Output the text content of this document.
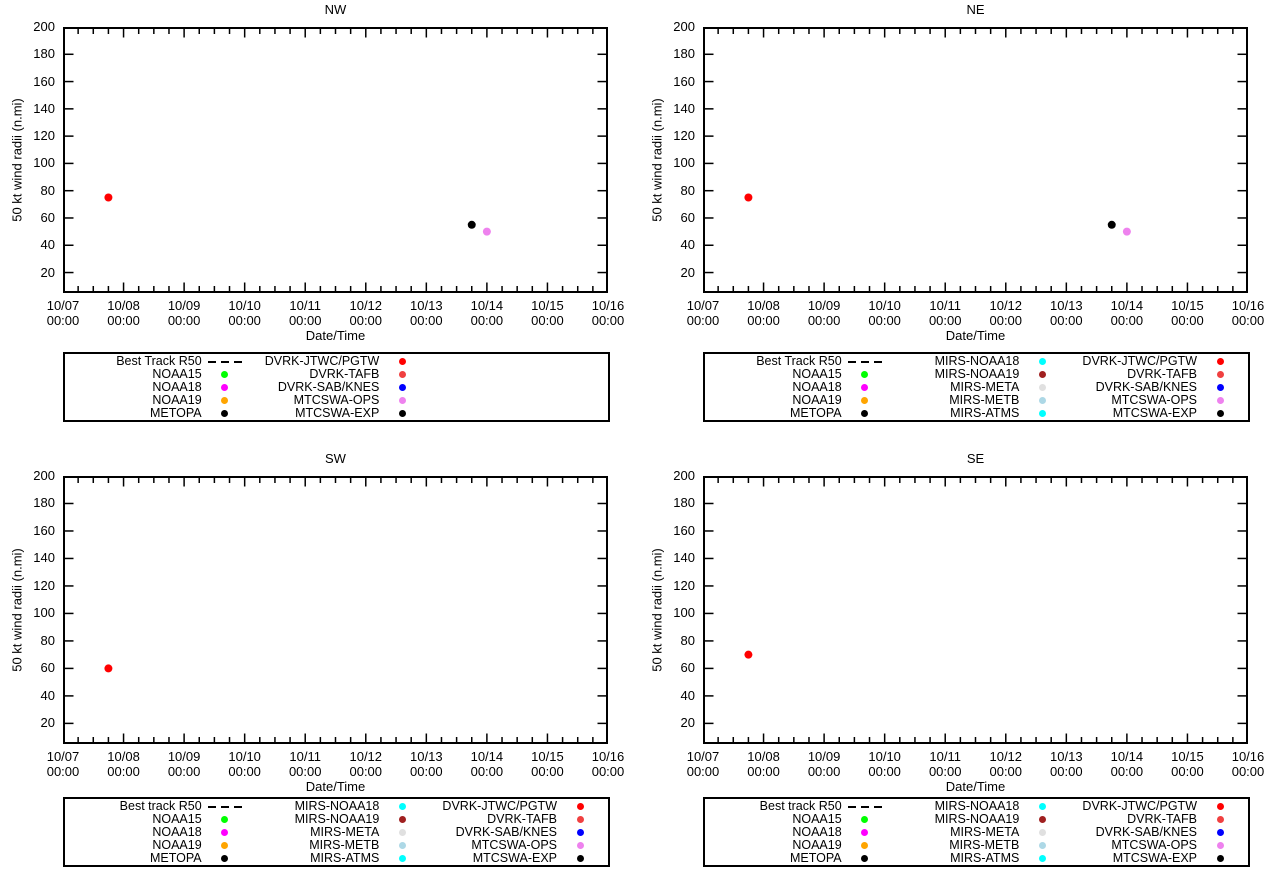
NW
20
40
60
80
100
120
140
160
180
200
10/07
00:00
10/08
00:00
10/09
00:00
10/10
00:00
10/11
00:00
10/12
00:00
10/13
00:00
10/14
00:00
10/15
00:00
10/16
00:00
Date/Time
50 kt wind radii (n.mi)
Best Track R50
NOAA15
NOAA18
NOAA19
METOPA
DVRK-JTWC/PGTW
DVRK-TAFB
DVRK-SAB/KNES
MTCSWA-OPS
MTCSWA-EXP
NE
20
40
60
80
100
120
140
160
180
200
10/07
00:00
10/08
00:00
10/09
00:00
10/10
00:00
10/11
00:00
10/12
00:00
10/13
00:00
10/14
00:00
10/15
00:00
10/16
00:00
Date/Time
50 kt wind radii (n.mi)
Best Track R50
NOAA15
NOAA18
NOAA19
METOPA
MIRS-NOAA18
MIRS-NOAA19
MIRS-META
MIRS-METB
MIRS-ATMS
DVRK-JTWC/PGTW
DVRK-TAFB
DVRK-SAB/KNES
MTCSWA-OPS
MTCSWA-EXP
SW
20
40
60
80
100
120
140
160
180
200
10/07
00:00
10/08
00:00
10/09
00:00
10/10
00:00
10/11
00:00
10/12
00:00
10/13
00:00
10/14
00:00
10/15
00:00
10/16
00:00
Date/Time
50 kt wind radii (n.mi)
Best track R50
NOAA15
NOAA18
NOAA19
METOPA
MIRS-NOAA18
MIRS-NOAA19
MIRS-META
MIRS-METB
MIRS-ATMS
DVRK-JTWC/PGTW
DVRK-TAFB
DVRK-SAB/KNES
MTCSWA-OPS
MTCSWA-EXP
SE
20
40
60
80
100
120
140
160
180
200
10/07
00:00
10/08
00:00
10/09
00:00
10/10
00:00
10/11
00:00
10/12
00:00
10/13
00:00
10/14
00:00
10/15
00:00
10/16
00:00
Date/Time
50 kt wind radii (n.mi)
Best track R50
NOAA15
NOAA18
NOAA19
METOPA
MIRS-NOAA18
MIRS-NOAA19
MIRS-META
MIRS-METB
MIRS-ATMS
DVRK-JTWC/PGTW
DVRK-TAFB
DVRK-SAB/KNES
MTCSWA-OPS
MTCSWA-EXP
